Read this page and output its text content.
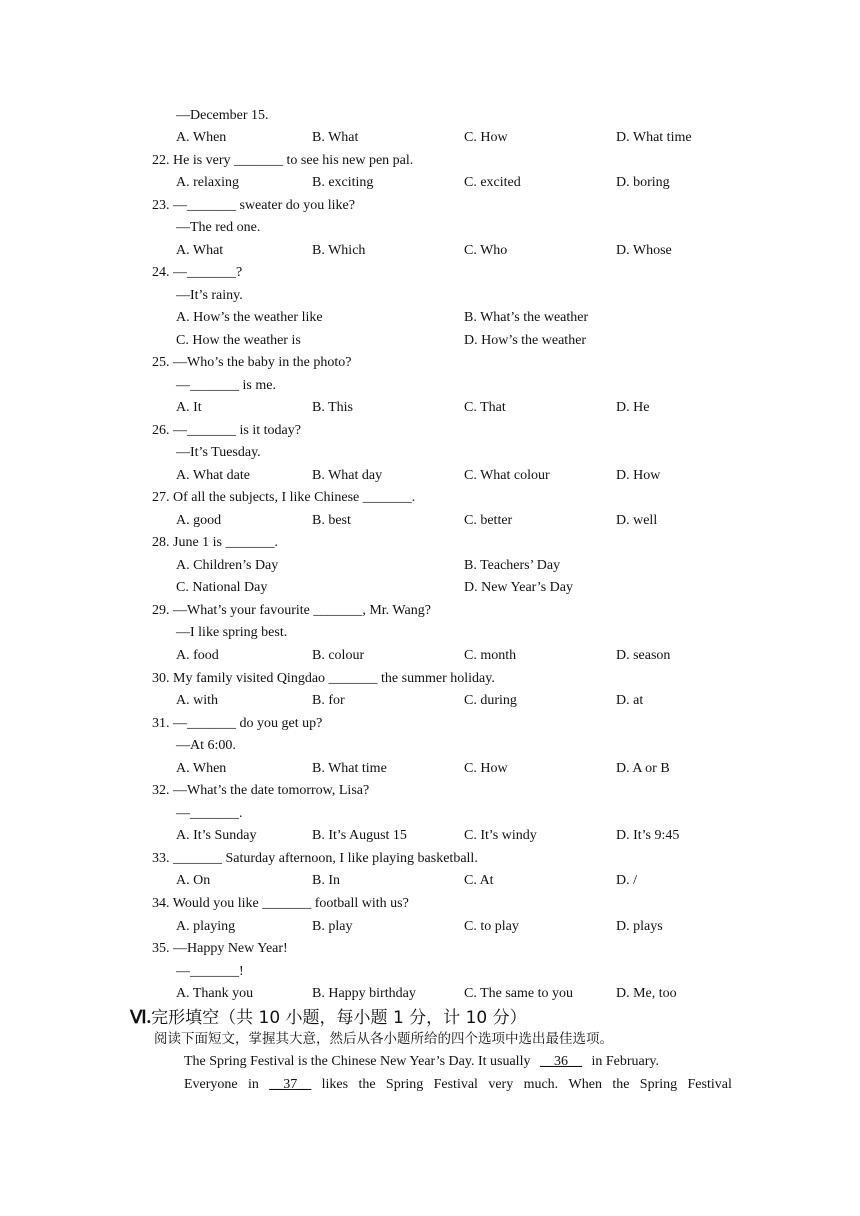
—December 15.
A. When	B. What	C. How	D. What time
22. He is very _______ to see his new pen pal.
A. relaxing	B. exciting	C. excited	D. boring
23. —_______ sweater do you like?
—The red one.
A. What	B. Which	C. Who	D. Whose
24. —_______?
—It’s rainy.
A. How’s the weather like	B. What’s the weather
C. How the weather is	D. How’s the weather
25. —Who’s the baby in the photo?
—_______ is me.
A. It	B. This	C. That	D. He
26. —_______ is it today?
—It’s Tuesday.
A. What date	B. What day	C. What colour	D. How
27. Of all the subjects, I like Chinese _______.
A. good	B. best	C. better	D. well
28. June 1 is _______.
A. Children’s Day	B. Teachers’ Day
C. National Day	D. New Year’s Day
29. —What’s your favourite _______, Mr. Wang?
—I like spring best.
A. food	B. colour	C. month	D. season
30. My family visited Qingdao _______ the summer holiday.
A. with	B. for	C. during	D. at
31. —_______ do you get up?
—At 6:00.
A. When	B. What time	C. How	D. A or B
32. —What’s the date tomorrow, Lisa?
—_______.
A. It’s Sunday	B. It’s August 15	C. It’s windy	D. It’s 9:45
33. _______ Saturday afternoon, I like playing basketball.
A. On	B. In	C. At	D. /
34. Would you like _______ football with us?
A. playing	B. play	C. to play	D. plays
35. —Happy New Year!
—_______!
A. Thank you	B. Happy birthday	C. The same to you	D. Me, too
Ⅵ.完形填空（共 10 小题，每小题 1 分，计 10 分）
阅读下面短文，掌握其大意，然后从各小题所给的四个选项中选出最佳选项。
The Spring Festival is the Chinese New Year’s Day. It usually __36__ in February.
Everyone in __37__ likes the Spring Festival very much. When the Spring Festival
